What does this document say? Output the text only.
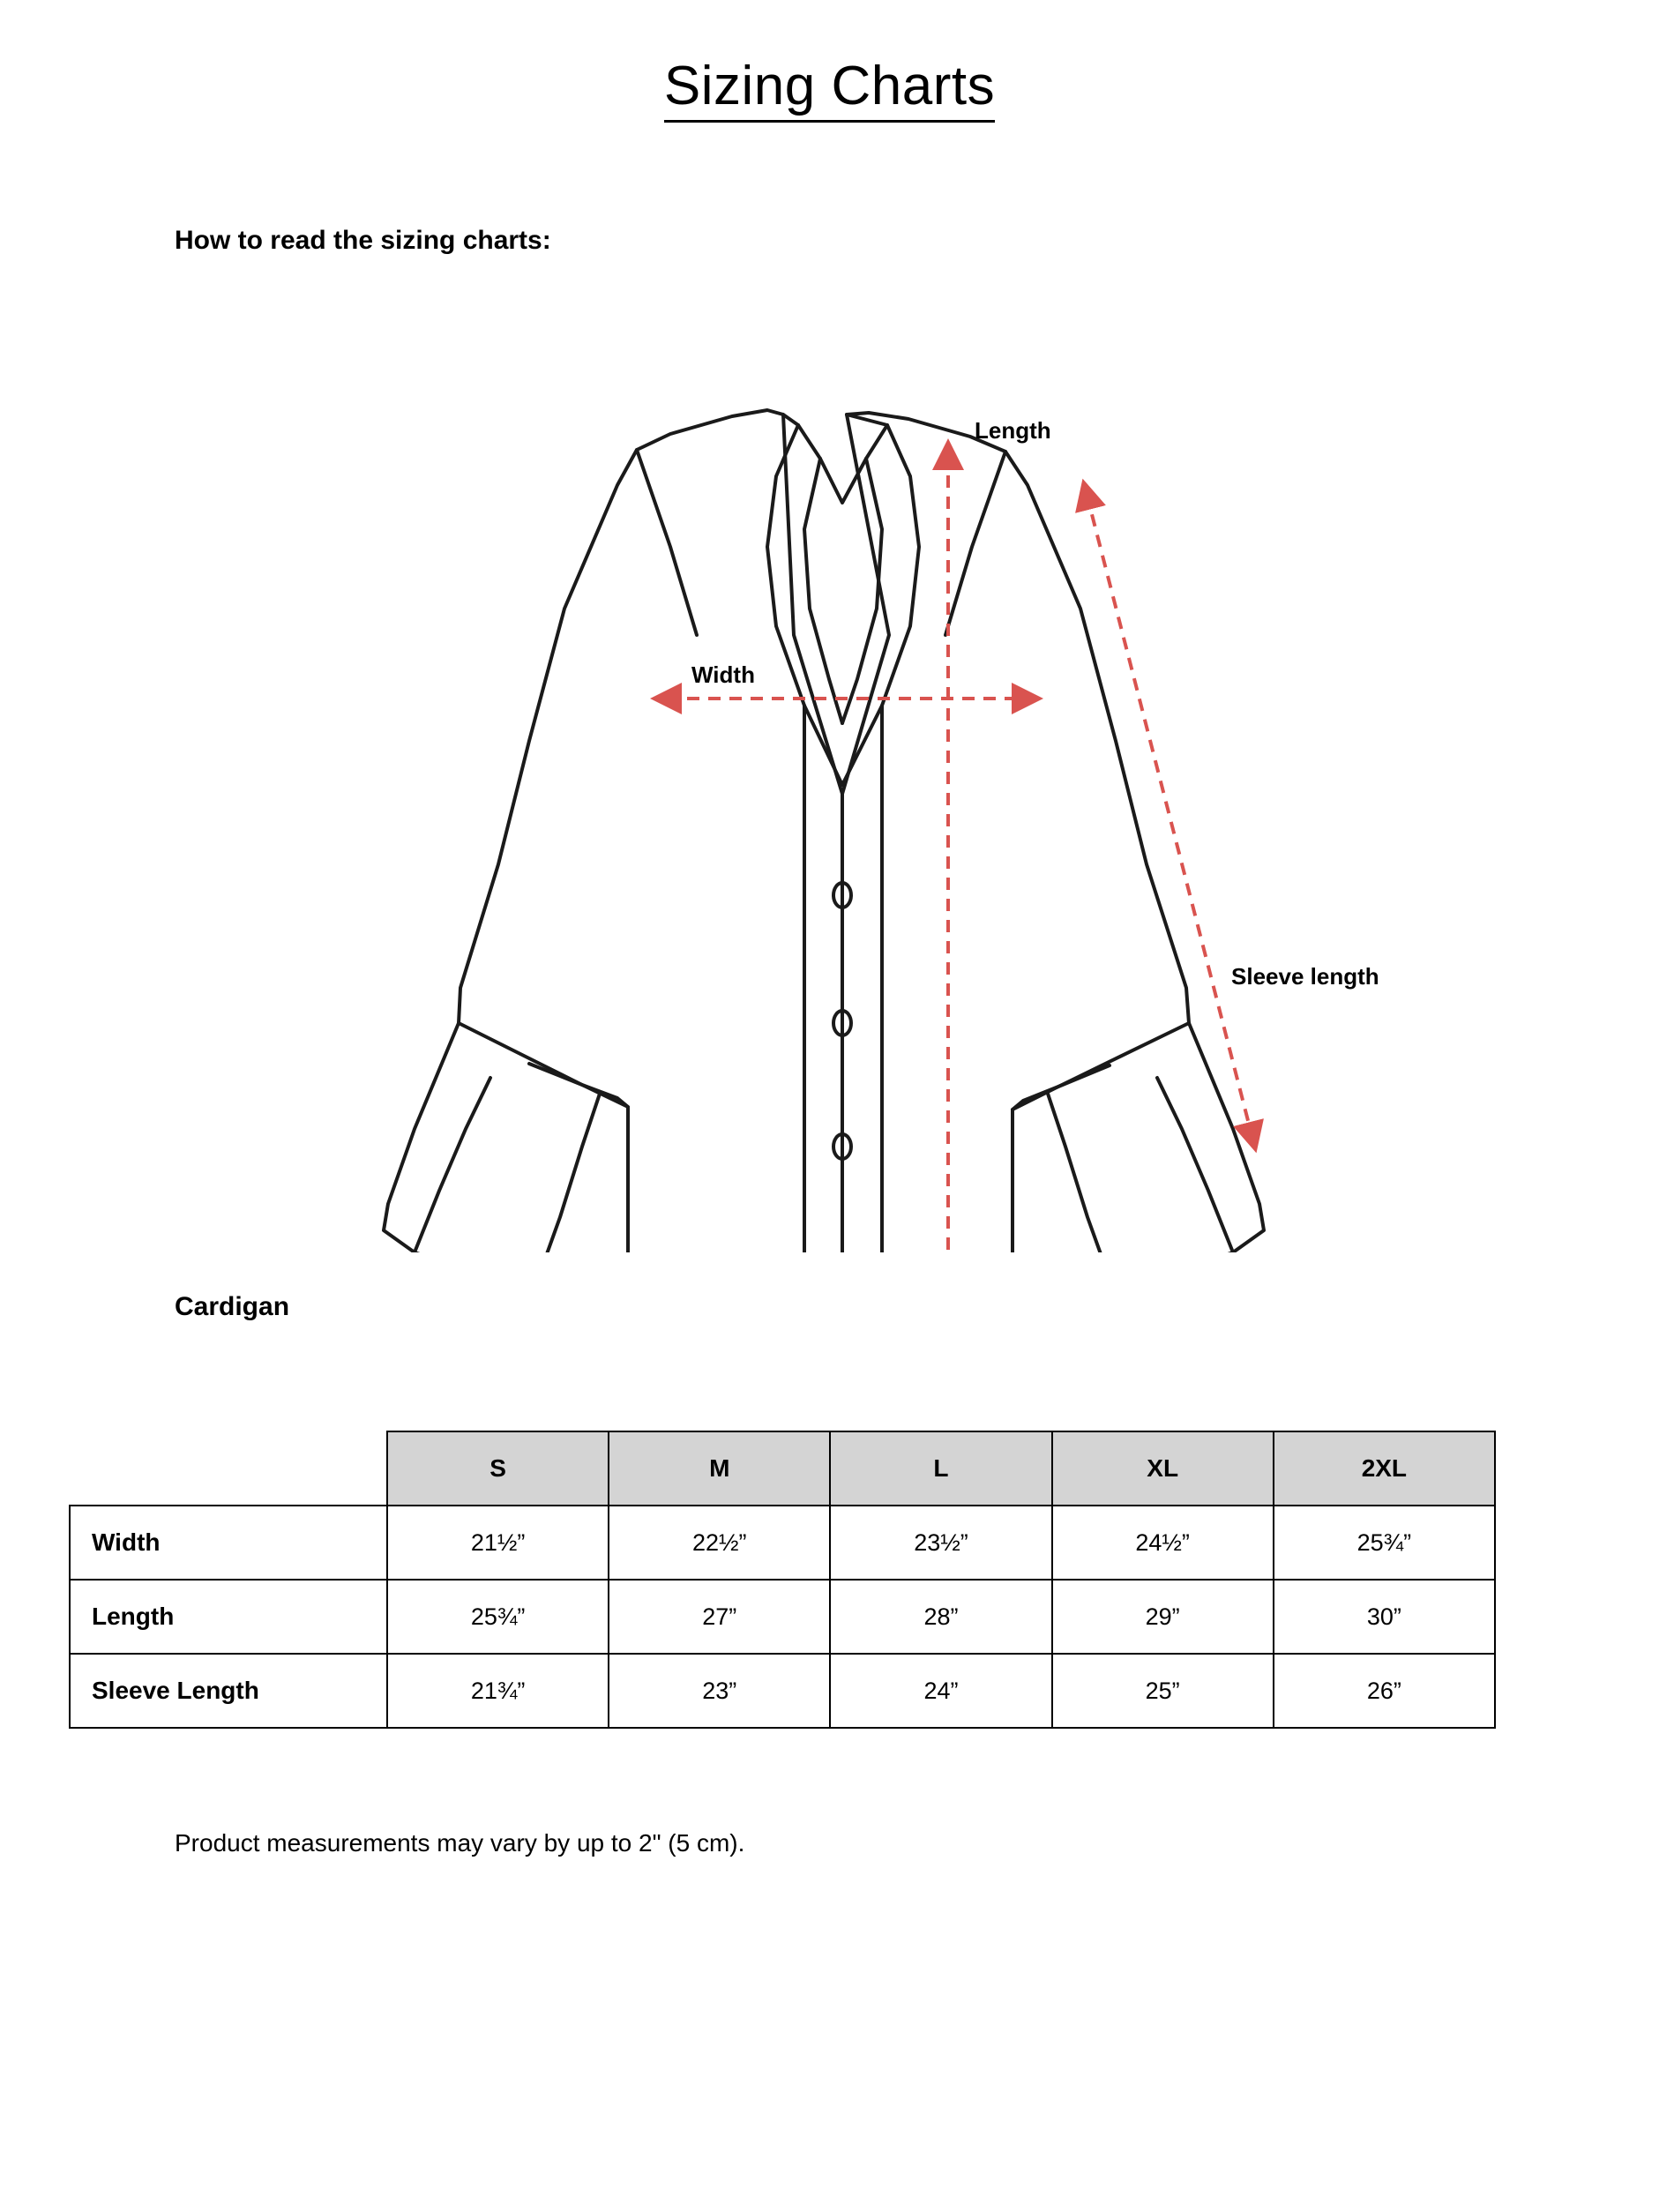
Sizing Charts
How to read the sizing charts:
Length
Width
Sleeve length
Cardigan
	S	M	L	XL	2XL
Width	21½”	22½”	23½”	24½”	25¾”
Length	25¾”	27”	28”	29”	30”
Sleeve Length	21¾”	23”	24”	25”	26”
Product measurements may vary by up to 2" (5 cm).
